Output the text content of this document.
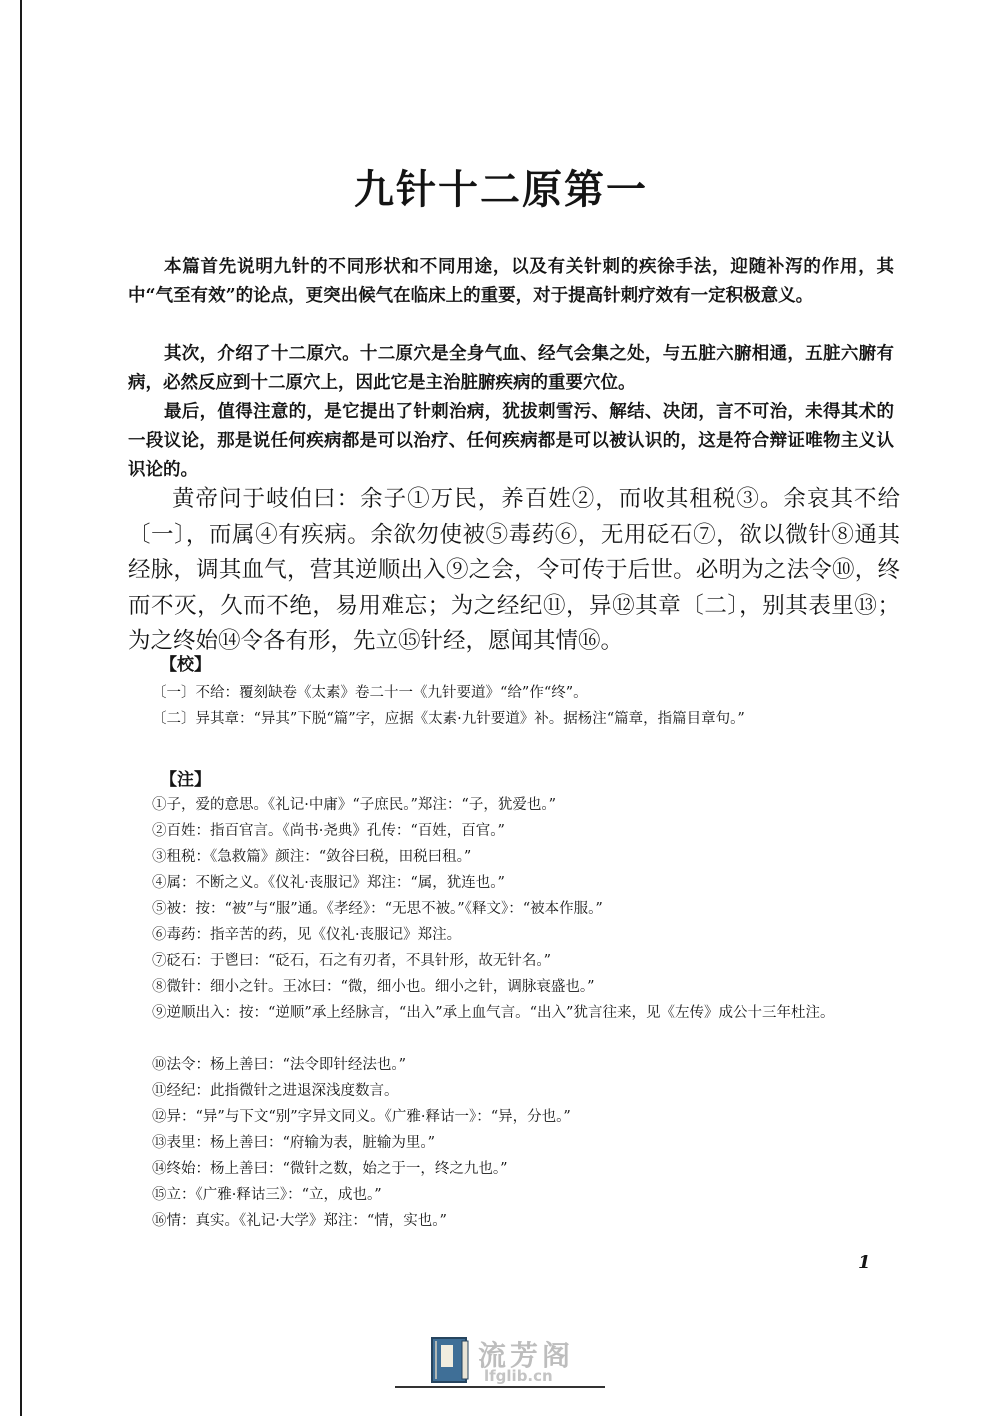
九针十二原第一

本篇首先说明九针的不同形状和不同用途，以及有关针刺的疾徐手法，迎随补泻的作用，其中“气至有效”的论点，更突出候气在临床上的重要，对于提高针刺疗效有一定积极意义。

其次，介绍了十二原穴。十二原穴是全身气血、经气会集之处，与五脏六腑相通，五脏六腑有病，必然反应到十二原穴上，因此它是主治脏腑疾病的重要穴位。

最后，值得注意的，是它提出了针刺治病，犹拔刺雪污、解结、决闭，言不可治，未得其术的一段议论，那是说任何疾病都是可以治疗、任何疾病都是可以被认识的，这是符合辩证唯物主义认识论的。

黄帝问于岐伯曰：余子①万民，养百姓②，而收其租税③。余哀其不给〔一〕，而属④有疾病。余欲勿使被⑤毒药⑥，无用砭石⑦，欲以微针⑧通其经脉，调其血气，营其逆顺出入⑨之会，令可传于后世。必明为之法令⑩，终而不灭，久而不绝，易用难忘；为之经纪⑪，异⑫其章〔二〕，别其表里⑬；为之终始⑭令各有形，先立⑮针经，愿闻其情⑯。

【校】

〔一〕不给：覆刻缺卷《太素》卷二十一《九针要道》“给”作“终”。

〔二〕异其章：“异其”下脱“篇”字，应据《太素·九针要道》补。据杨注“篇章，指篇目章句。”

【注】

①子，爱的意思。《礼记·中庸》“子庶民。”郑注：“子，犹爱也。”

②百姓：指百官言。《尚书·尧典》孔传：“百姓，百官。”

③租税：《急救篇》颜注：“敛谷曰税，田税曰租。”

④属：不断之义。《仪礼·丧服记》郑注：“属，犹连也。”

⑤被：按：“被”与“服”通。《孝经》：“无思不被。”《释文》：“被本作服。”

⑥毒药：指辛苦的药，见《仪礼·丧服记》郑注。

⑦砭石：于鬯曰：“砭石，石之有刃者，不具针形，故无针名。”

⑧微针：细小之针。王冰曰：“微，细小也。细小之针，调脉衰盛也。”

⑨逆顺出入：按：“逆顺”承上经脉言，“出入”承上血气言。“出入”犹言往来，见《左传》成公十三年杜注。

⑩法令：杨上善曰：“法令即针经法也。”

⑪经纪：此指微针之进退深浅度数言。

⑫异：“异”与下文“别”字异文同义。《广雅·释诂一》：“异，分也。”

⑬表里：杨上善曰：“府输为表，脏输为里。”

⑭终始：杨上善曰：“微针之数，始之于一，终之九也。”

⑮立：《广雅·释诂三》：“立，成也。”

⑯情：真实。《礼记·大学》郑注：“情，实也。”

1
流芳阁
lfglib.cn
